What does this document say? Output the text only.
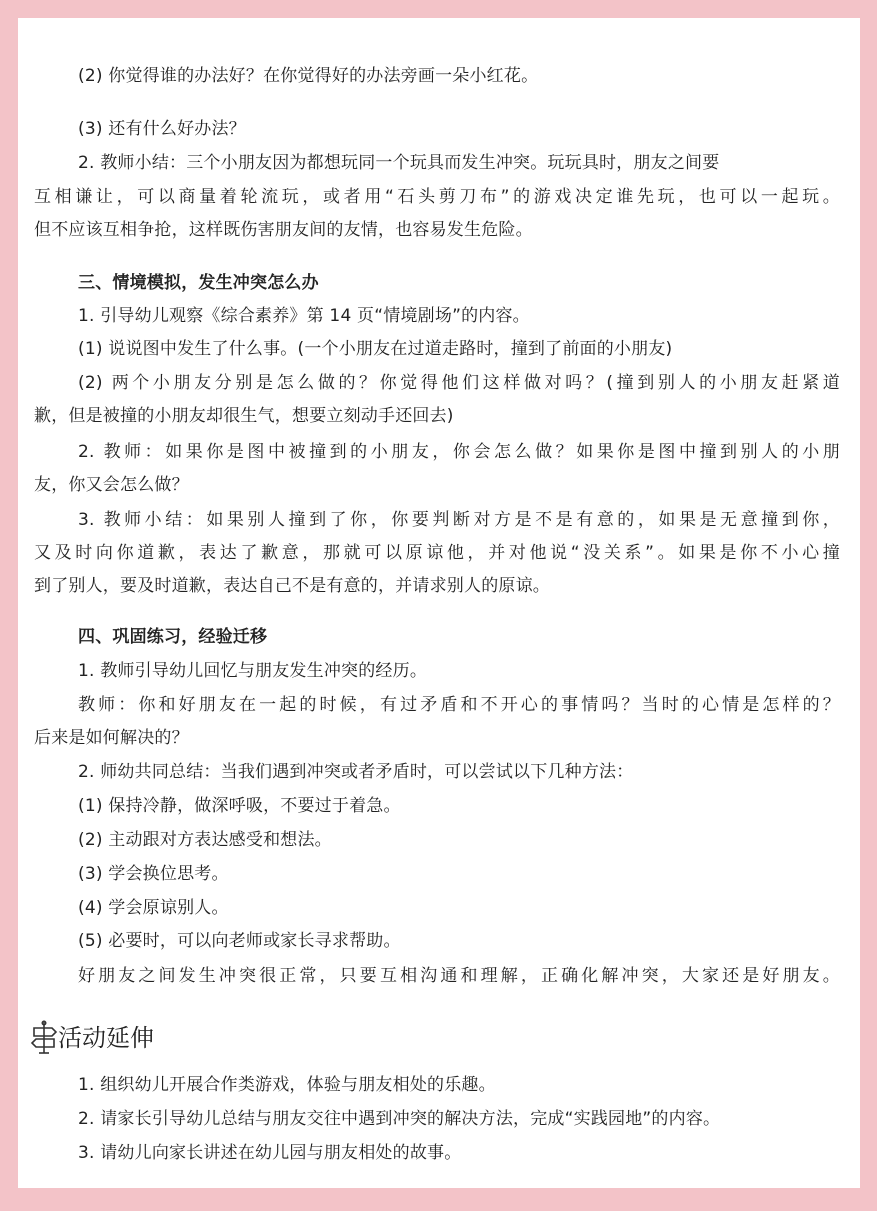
(2) 你觉得谁的办法好？在你觉得好的办法旁画一朵小红花。
(3) 还有什么好办法？
2. 教师小结：三个小朋友因为都想玩同一个玩具而发生冲突。玩玩具时，朋友之间要
互相谦让，可以商量着轮流玩，或者用“石头剪刀布”的游戏决定谁先玩，也可以一起玩。
但不应该互相争抢，这样既伤害朋友间的友情，也容易发生危险。
三、情境模拟，发生冲突怎么办
1. 引导幼儿观察《综合素养》第 14 页“情境剧场”的内容。
(1) 说说图中发生了什么事。(一个小朋友在过道走路时，撞到了前面的小朋友)
(2) 两个小朋友分别是怎么做的？你觉得他们这样做对吗？(撞到别人的小朋友赶紧道
歉，但是被撞的小朋友却很生气，想要立刻动手还回去)
2. 教师：如果你是图中被撞到的小朋友，你会怎么做？如果你是图中撞到别人的小朋
友，你又会怎么做？
3. 教师小结：如果别人撞到了你，你要判断对方是不是有意的，如果是无意撞到你，
又及时向你道歉，表达了歉意，那就可以原谅他，并对他说“没关系”。如果是你不小心撞
到了别人，要及时道歉，表达自己不是有意的，并请求别人的原谅。
四、巩固练习，经验迁移
1. 教师引导幼儿回忆与朋友发生冲突的经历。
教师：你和好朋友在一起的时候，有过矛盾和不开心的事情吗？当时的心情是怎样的？
后来是如何解决的？
2. 师幼共同总结：当我们遇到冲突或者矛盾时，可以尝试以下几种方法：
(1) 保持冷静，做深呼吸，不要过于着急。
(2) 主动跟对方表达感受和想法。
(3) 学会换位思考。
(4) 学会原谅别人。
(5) 必要时，可以向老师或家长寻求帮助。
好朋友之间发生冲突很正常，只要互相沟通和理解，正确化解冲突，大家还是好朋友。
活动延伸
1. 组织幼儿开展合作类游戏，体验与朋友相处的乐趣。
2. 请家长引导幼儿总结与朋友交往中遇到冲突的解决方法，完成“实践园地”的内容。
3. 请幼儿向家长讲述在幼儿园与朋友相处的故事。
